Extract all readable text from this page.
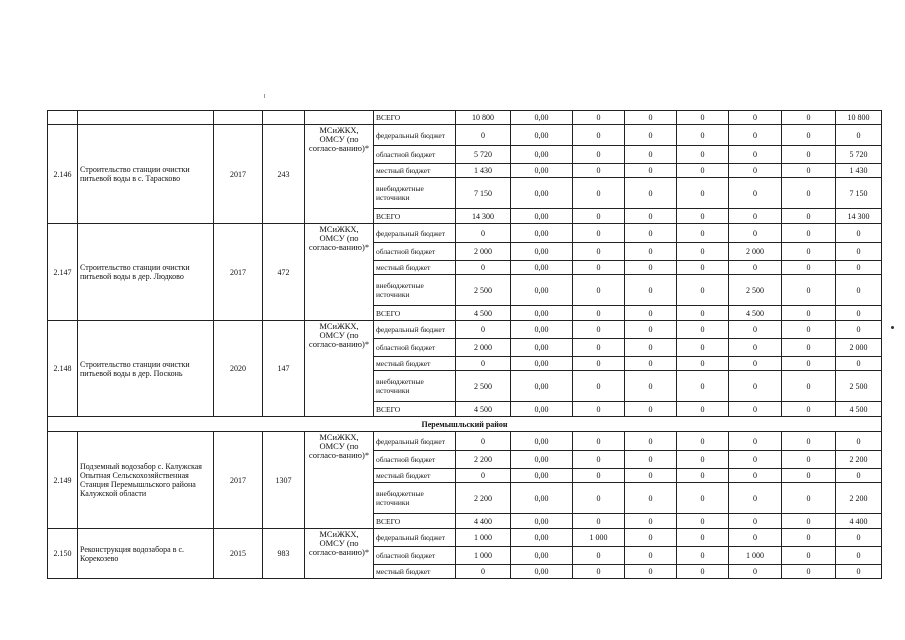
					ВСЕГО	10 800	0,00	0	0	0	0	0	10 800
2.146	Строительство станции очистки питьевой воды в с. Тарасково	2017	243	МСиЖКХ, ОМСУ (по согласо-ванию)*	федеральный бюджет	0	0,00	0	0	0	0	0	0
					областной бюджет	5 720	0,00	0	0	0	0	0	5 720
					местный бюджет	1 430	0,00	0	0	0	0	0	1 430
					внебюджетные источники	7 150	0,00	0	0	0	0	0	7 150
					ВСЕГО	14 300	0,00	0	0	0	0	0	14 300
2.147	Строительство станции очистки питьевой воды в дер. Людково	2017	472	МСиЖКХ, ОМСУ (по согласо-ванию)*	федеральный бюджет	0	0,00	0	0	0	0	0	0
					областной бюджет	2 000	0,00	0	0	0	2 000	0	0
					местный бюджет	0	0,00	0	0	0	0	0	0
					внебюджетные источники	2 500	0,00	0	0	0	2 500	0	0
					ВСЕГО	4 500	0,00	0	0	0	4 500	0	0
2.148	Строительство станции очистки питьевой воды в дер. Посконь	2020	147	МСиЖКХ, ОМСУ (по согласо-ванию)*	федеральный бюджет	0	0,00	0	0	0	0	0	0
					областной бюджет	2 000	0,00	0	0	0	0	0	2 000
					местный бюджет	0	0,00	0	0	0	0	0	0
					внебюджетные источники	2 500	0,00	0	0	0	0	0	2 500
					ВСЕГО	4 500	0,00	0	0	0	0	0	4 500
Перемышльский район													
2.149	Подземный водозабор с. Калужская Опытная Сельскохозяйственная Станция Перемышльского района Калужской области	2017	1307	МСиЖКХ, ОМСУ (по согласо-ванию)*	федеральный бюджет	0	0,00	0	0	0	0	0	0
					областной бюджет	2 200	0,00	0	0	0	0	0	2 200
					местный бюджет	0	0,00	0	0	0	0	0	0
					внебюджетные источники	2 200	0,00	0	0	0	0	0	2 200
					ВСЕГО	4 400	0,00	0	0	0	0	0	4 400
2.150	Реконструкция водозабора в с. Корекозево	2015	983	МСиЖКХ, ОМСУ (по согласо-ванию)*	федеральный бюджет	1 000	0,00	1 000	0	0	0	0	0
					областной бюджет	1 000	0,00	0	0	0	1 000	0	0
					местный бюджет	0	0,00	0	0	0	0	0	0
